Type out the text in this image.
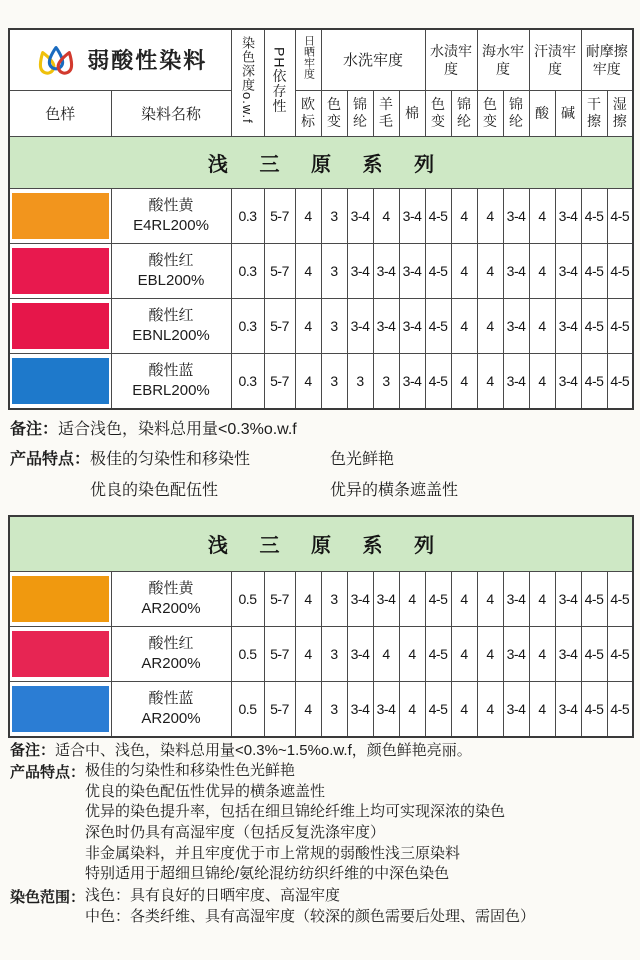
弱酸性染料		染色深度o.w.f	PH依存性	日晒牢度	水洗牢度				水渍牢度		海水牢度		汗渍牢度		耐摩擦牢度	
色样	染料名称			欧标	色变	锦纶	羊毛	棉	色变	锦纶	色变	锦纶	酸	碱	干擦	湿擦
浅 三 原 系 列																

	酸性黄
E4RL200%	0.3	5-7	4	3	3-4	4	3-4	4-5	4	4	3-4	4	3-4	4-5	4-5

	酸性红
EBL200%	0.3	5-7	4	3	3-4	3-4	3-4	4-5	4	4	3-4	4	3-4	4-5	4-5

	酸性红
EBNL200%	0.3	5-7	4	3	3-4	3-4	3-4	4-5	4	4	3-4	4	3-4	4-5	4-5

	酸性蓝
EBRL200%	0.3	5-7	4	3	3	3	3-4	4-5	4	4	3-4	4	3-4	4-5	4-5
备注： 适合浅色，染料总用量<0.3%o.w.f
产品特点： 极佳的匀染性和移染性	色光鲜艳
优良的染色配伍性	优异的横条遮盖性
浅 三 原 系 列																

	酸性黄
AR200%	0.5	5-7	4	3	3-4	3-4	4	4-5	4	4	3-4	4	3-4	4-5	4-5

	酸性红
AR200%	0.5	5-7	4	3	3-4	4	4	4-5	4	4	3-4	4	3-4	4-5	4-5

	酸性蓝
AR200%	0.5	5-7	4	3	3-4	3-4	4	4-5	4	4	3-4	4	3-4	4-5	4-5
备注： 适合中、浅色，染料总用量<0.3%~1.5%o.w.f，颜色鲜艳亮丽。
产品特点： 极佳的匀染性和移染性色光鲜艳
优良的染色配伍性优异的横条遮盖性
优异的染色提升率，包括在细旦锦纶纤维上均可实现深浓的染色
深色时仍具有高湿牢度（包括反复洗涤牢度）
非金属染料，并且牢度优于市上常规的弱酸性浅三原染料
特别适用于超细旦锦纶/氨纶混纺纺织纤维的中深色染色
染色范围： 浅色：具有良好的日晒牢度、高湿牢度
中色：各类纤维、具有高湿牢度（较深的颜色需要后处理、需固色）
